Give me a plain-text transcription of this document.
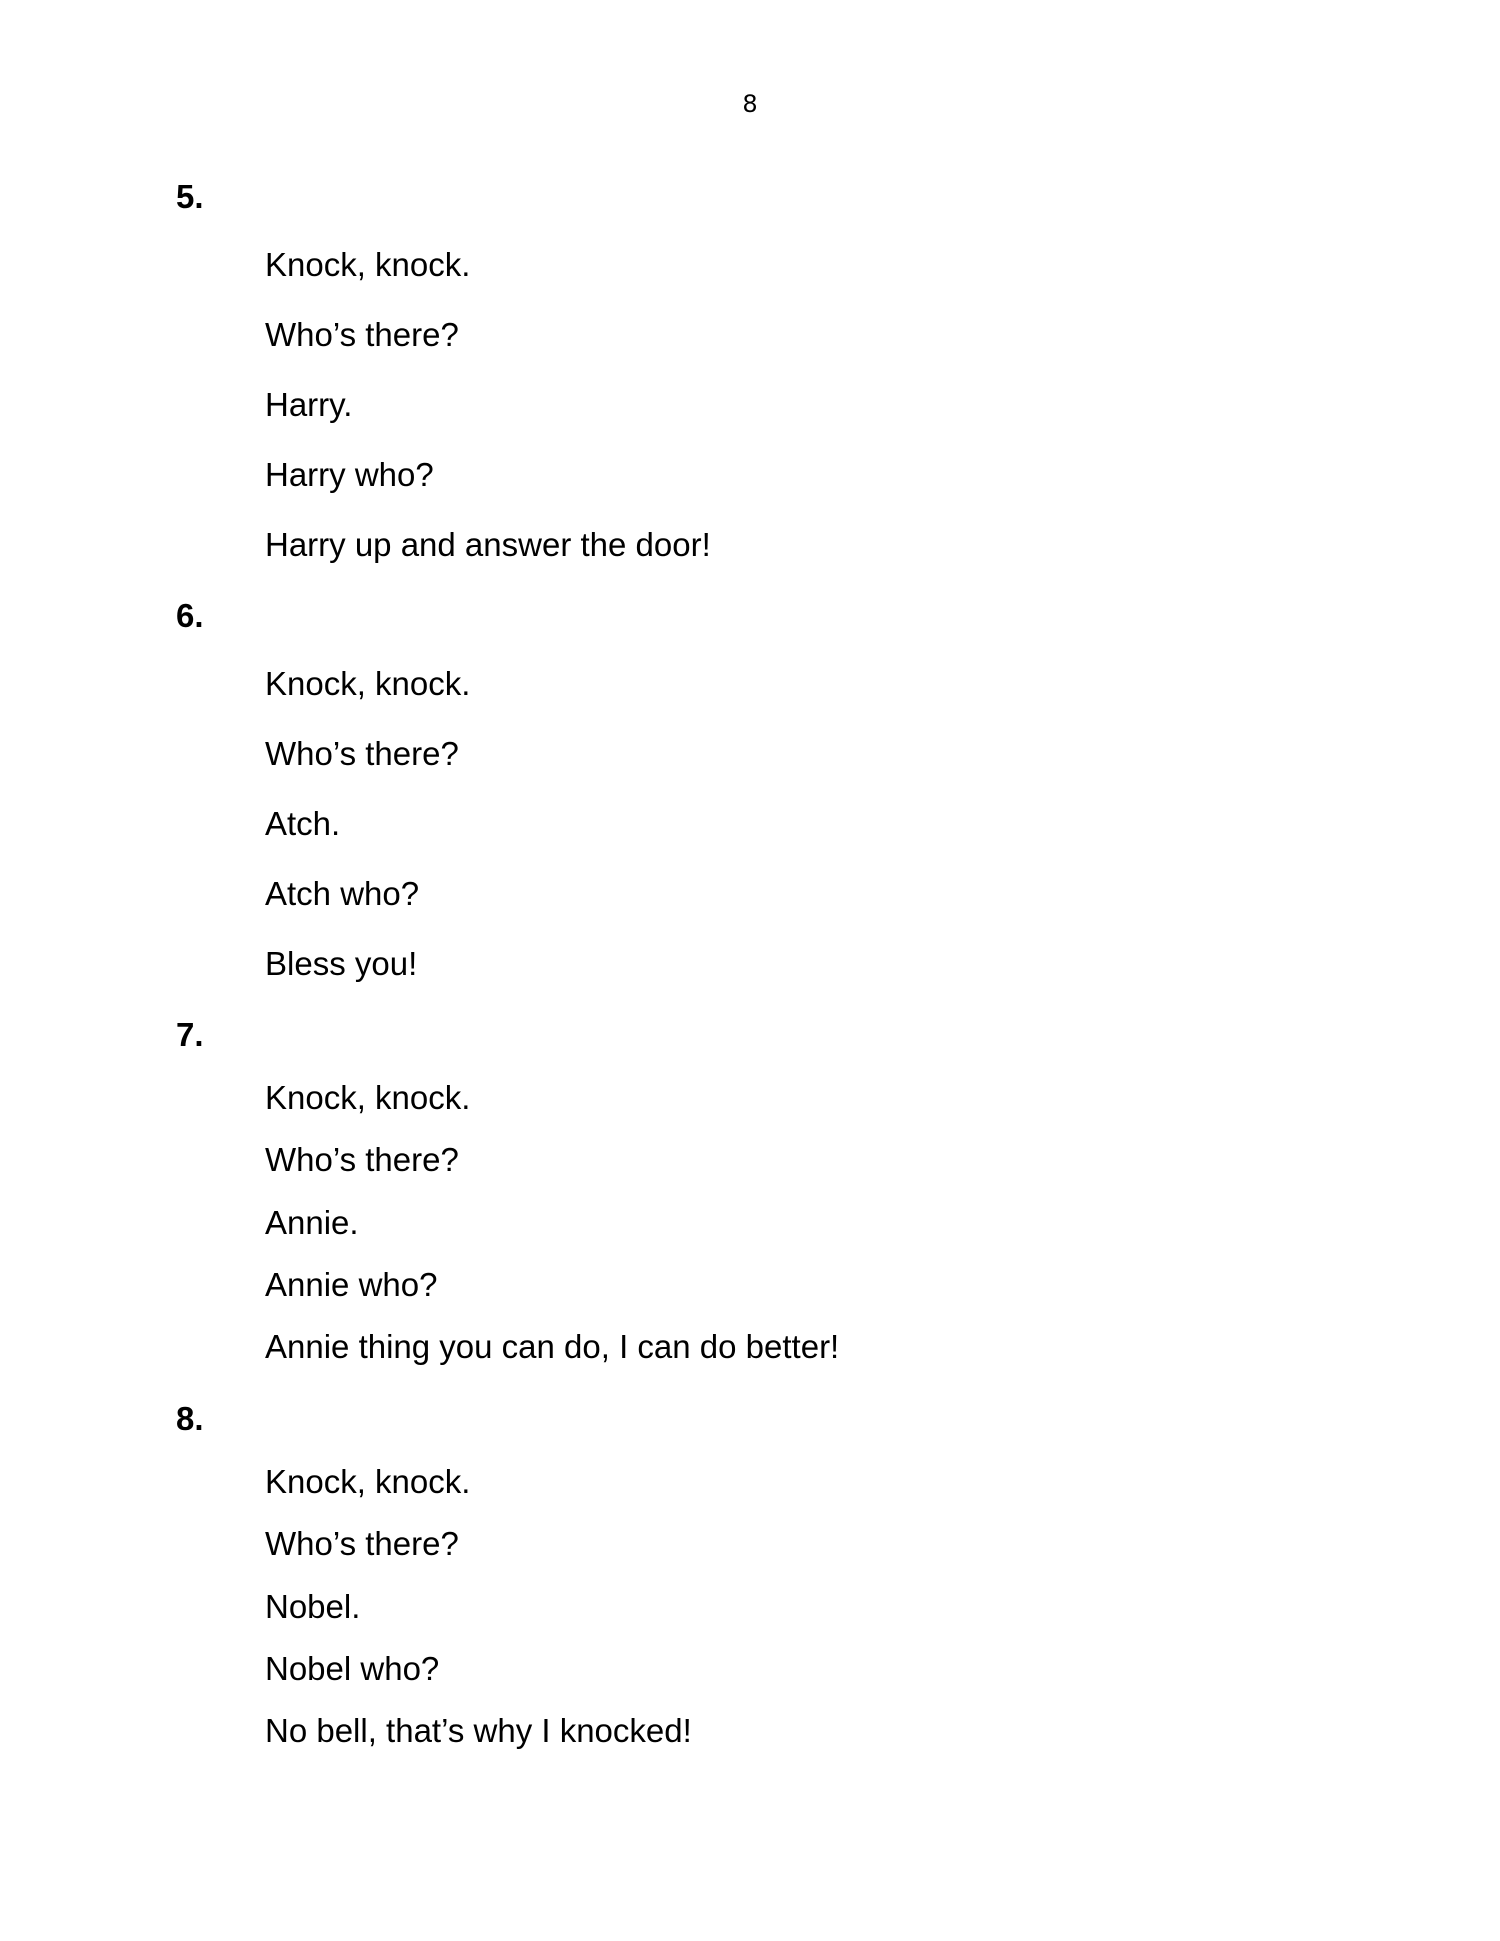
8
5.
Knock, knock.
Who’s there?
Harry.
Harry who?
Harry up and answer the door!
6.
Knock, knock.
Who’s there?
Atch.
Atch who?
Bless you!
7.
Knock, knock.
Who’s there?
Annie.
Annie who?
Annie thing you can do, I can do better!
8.
Knock, knock.
Who’s there?
Nobel.
Nobel who?
No bell, that’s why I knocked!
